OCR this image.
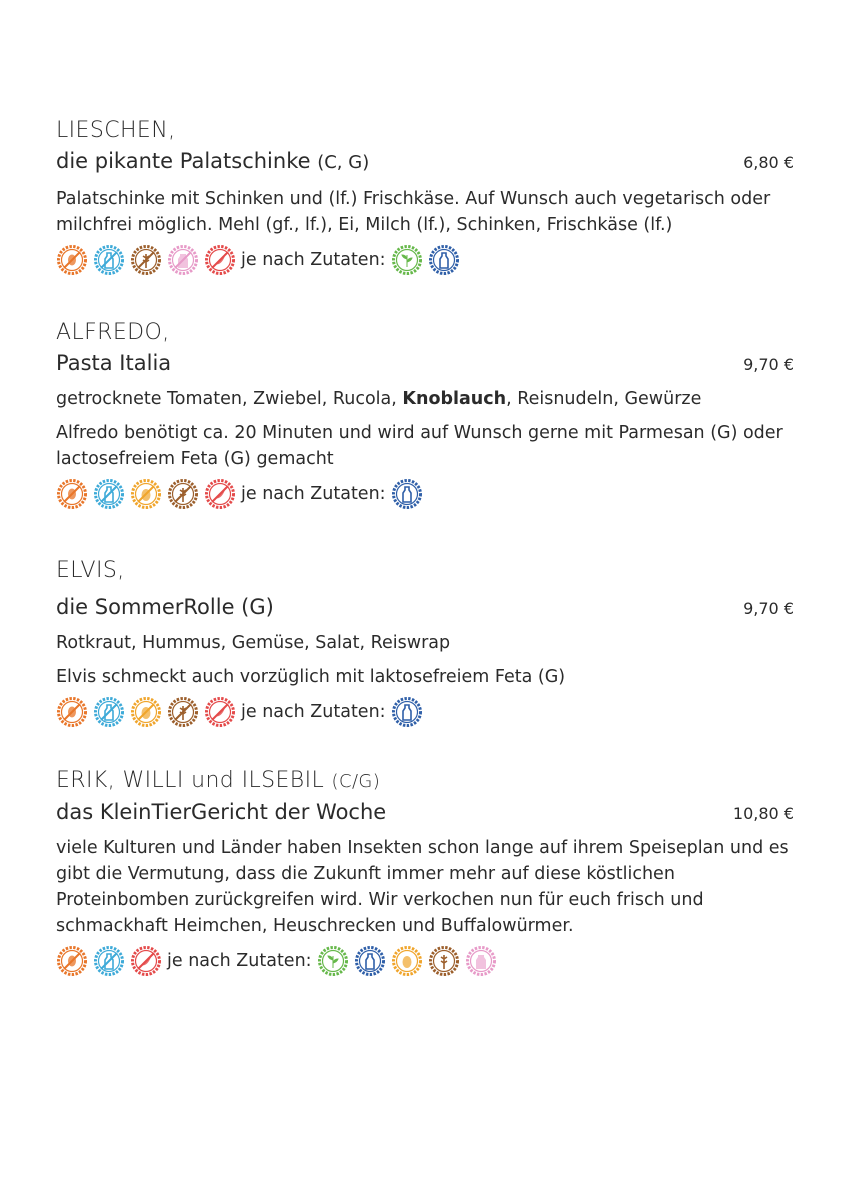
LIESCHEN,
die pikante Palatschinke (C, G)	6,80 €
Palatschinke mit Schinken und (lf.) Frischkäse. Auf Wunsch auch vegetarisch oder milchfrei möglich. Mehl (gf., lf.), Ei, Milch (lf.), Schinken, Frischkäse (lf.)
je nach Zutaten:
ALFREDO,
Pasta Italia	9,70 €
getrocknete Tomaten, Zwiebel, Rucola, Knoblauch, Reisnudeln, Gewürze
Alfredo benötigt ca. 20 Minuten und wird auf Wunsch gerne mit Parmesan (G) oder lactosefreiem Feta (G) gemacht
je nach Zutaten:
ELVIS,
die SommerRolle (G)	9,70 €
Rotkraut, Hummus, Gemüse, Salat, Reiswrap
Elvis schmeckt auch vorzüglich mit laktosefreiem Feta (G)
je nach Zutaten:
ERIK, WILLI und ILSEBIL (C/G)
das KleinTierGericht der Woche	10,80 €
viele Kulturen und Länder haben Insekten schon lange auf ihrem Speiseplan und es gibt die Vermutung, dass die Zukunft immer mehr auf diese köstlichen Proteinbomben zurückgreifen wird. Wir verkochen nun für euch frisch und schmackhaft Heimchen, Heuschrecken und Buffalowürmer.
je nach Zutaten:
